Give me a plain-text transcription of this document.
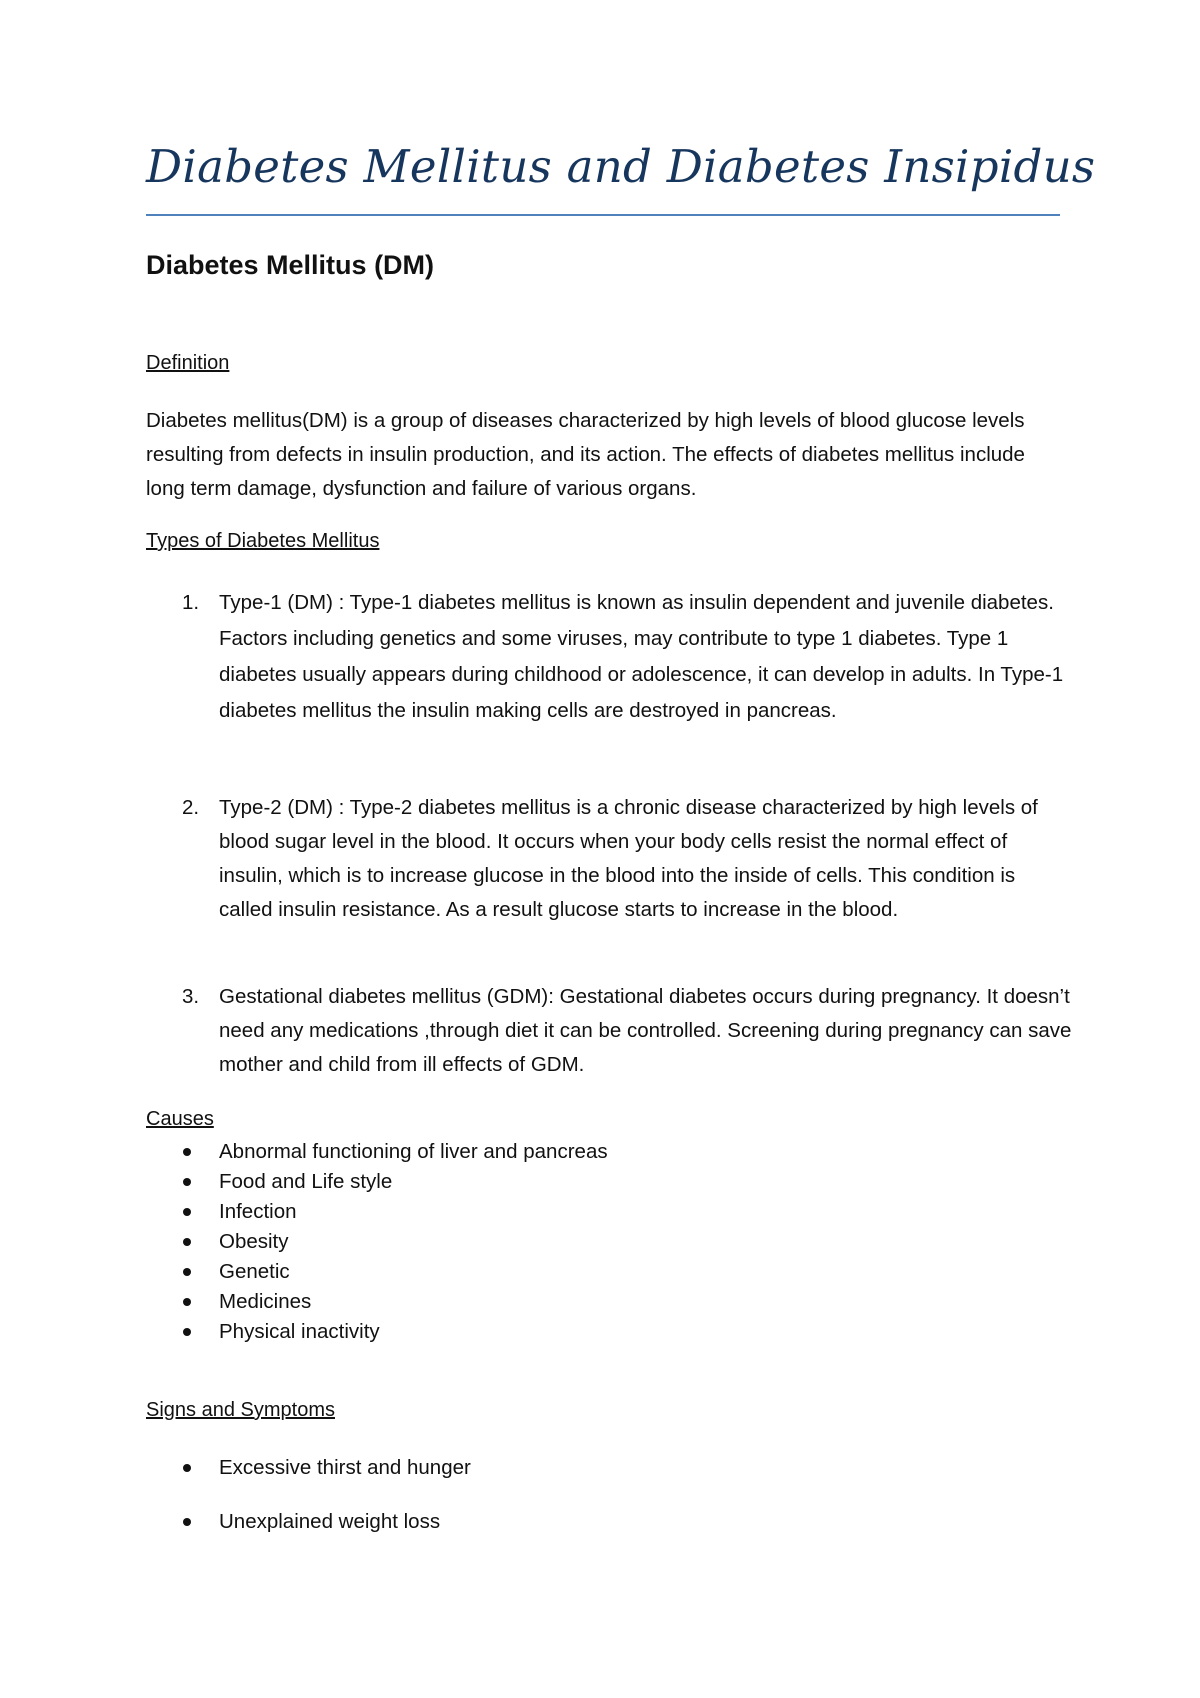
Diabetes Mellitus and Diabetes Insipidus
Diabetes Mellitus (DM)
Definition

Diabetes mellitus(DM) is a group of diseases characterized by high levels of blood glucose levels resulting from defects in insulin production, and its action. The effects of diabetes mellitus include long term damage, dysfunction and failure of various organs.

Types of Diabetes Mellitus
1. Type-1 (DM) : Type-1 diabetes mellitus is known as insulin dependent and juvenile diabetes. Factors including genetics and some viruses, may contribute to type 1 diabetes. Type 1 diabetes usually appears during childhood or adolescence, it can develop in adults. In Type-1 diabetes mellitus the insulin making cells are destroyed in pancreas.

2. Type-2 (DM) : Type-2 diabetes mellitus is a chronic disease characterized by high levels of blood sugar level in the blood. It occurs when your body cells resist the normal effect of insulin, which is to increase glucose in the blood into the inside of cells. This condition is called insulin resistance. As a result glucose starts to increase in the blood.

3. Gestational diabetes mellitus (GDM): Gestational diabetes occurs during pregnancy. It doesn’t need any medications ,through diet it can be controlled. Screening during pregnancy can save mother and child from ill effects of GDM.

Causes
Abnormal functioning of liver and pancreas
Food and Life style
Infection
Obesity
Genetic
Medicines
Physical inactivity
Signs and Symptoms
Excessive thirst and hunger
Unexplained weight loss
